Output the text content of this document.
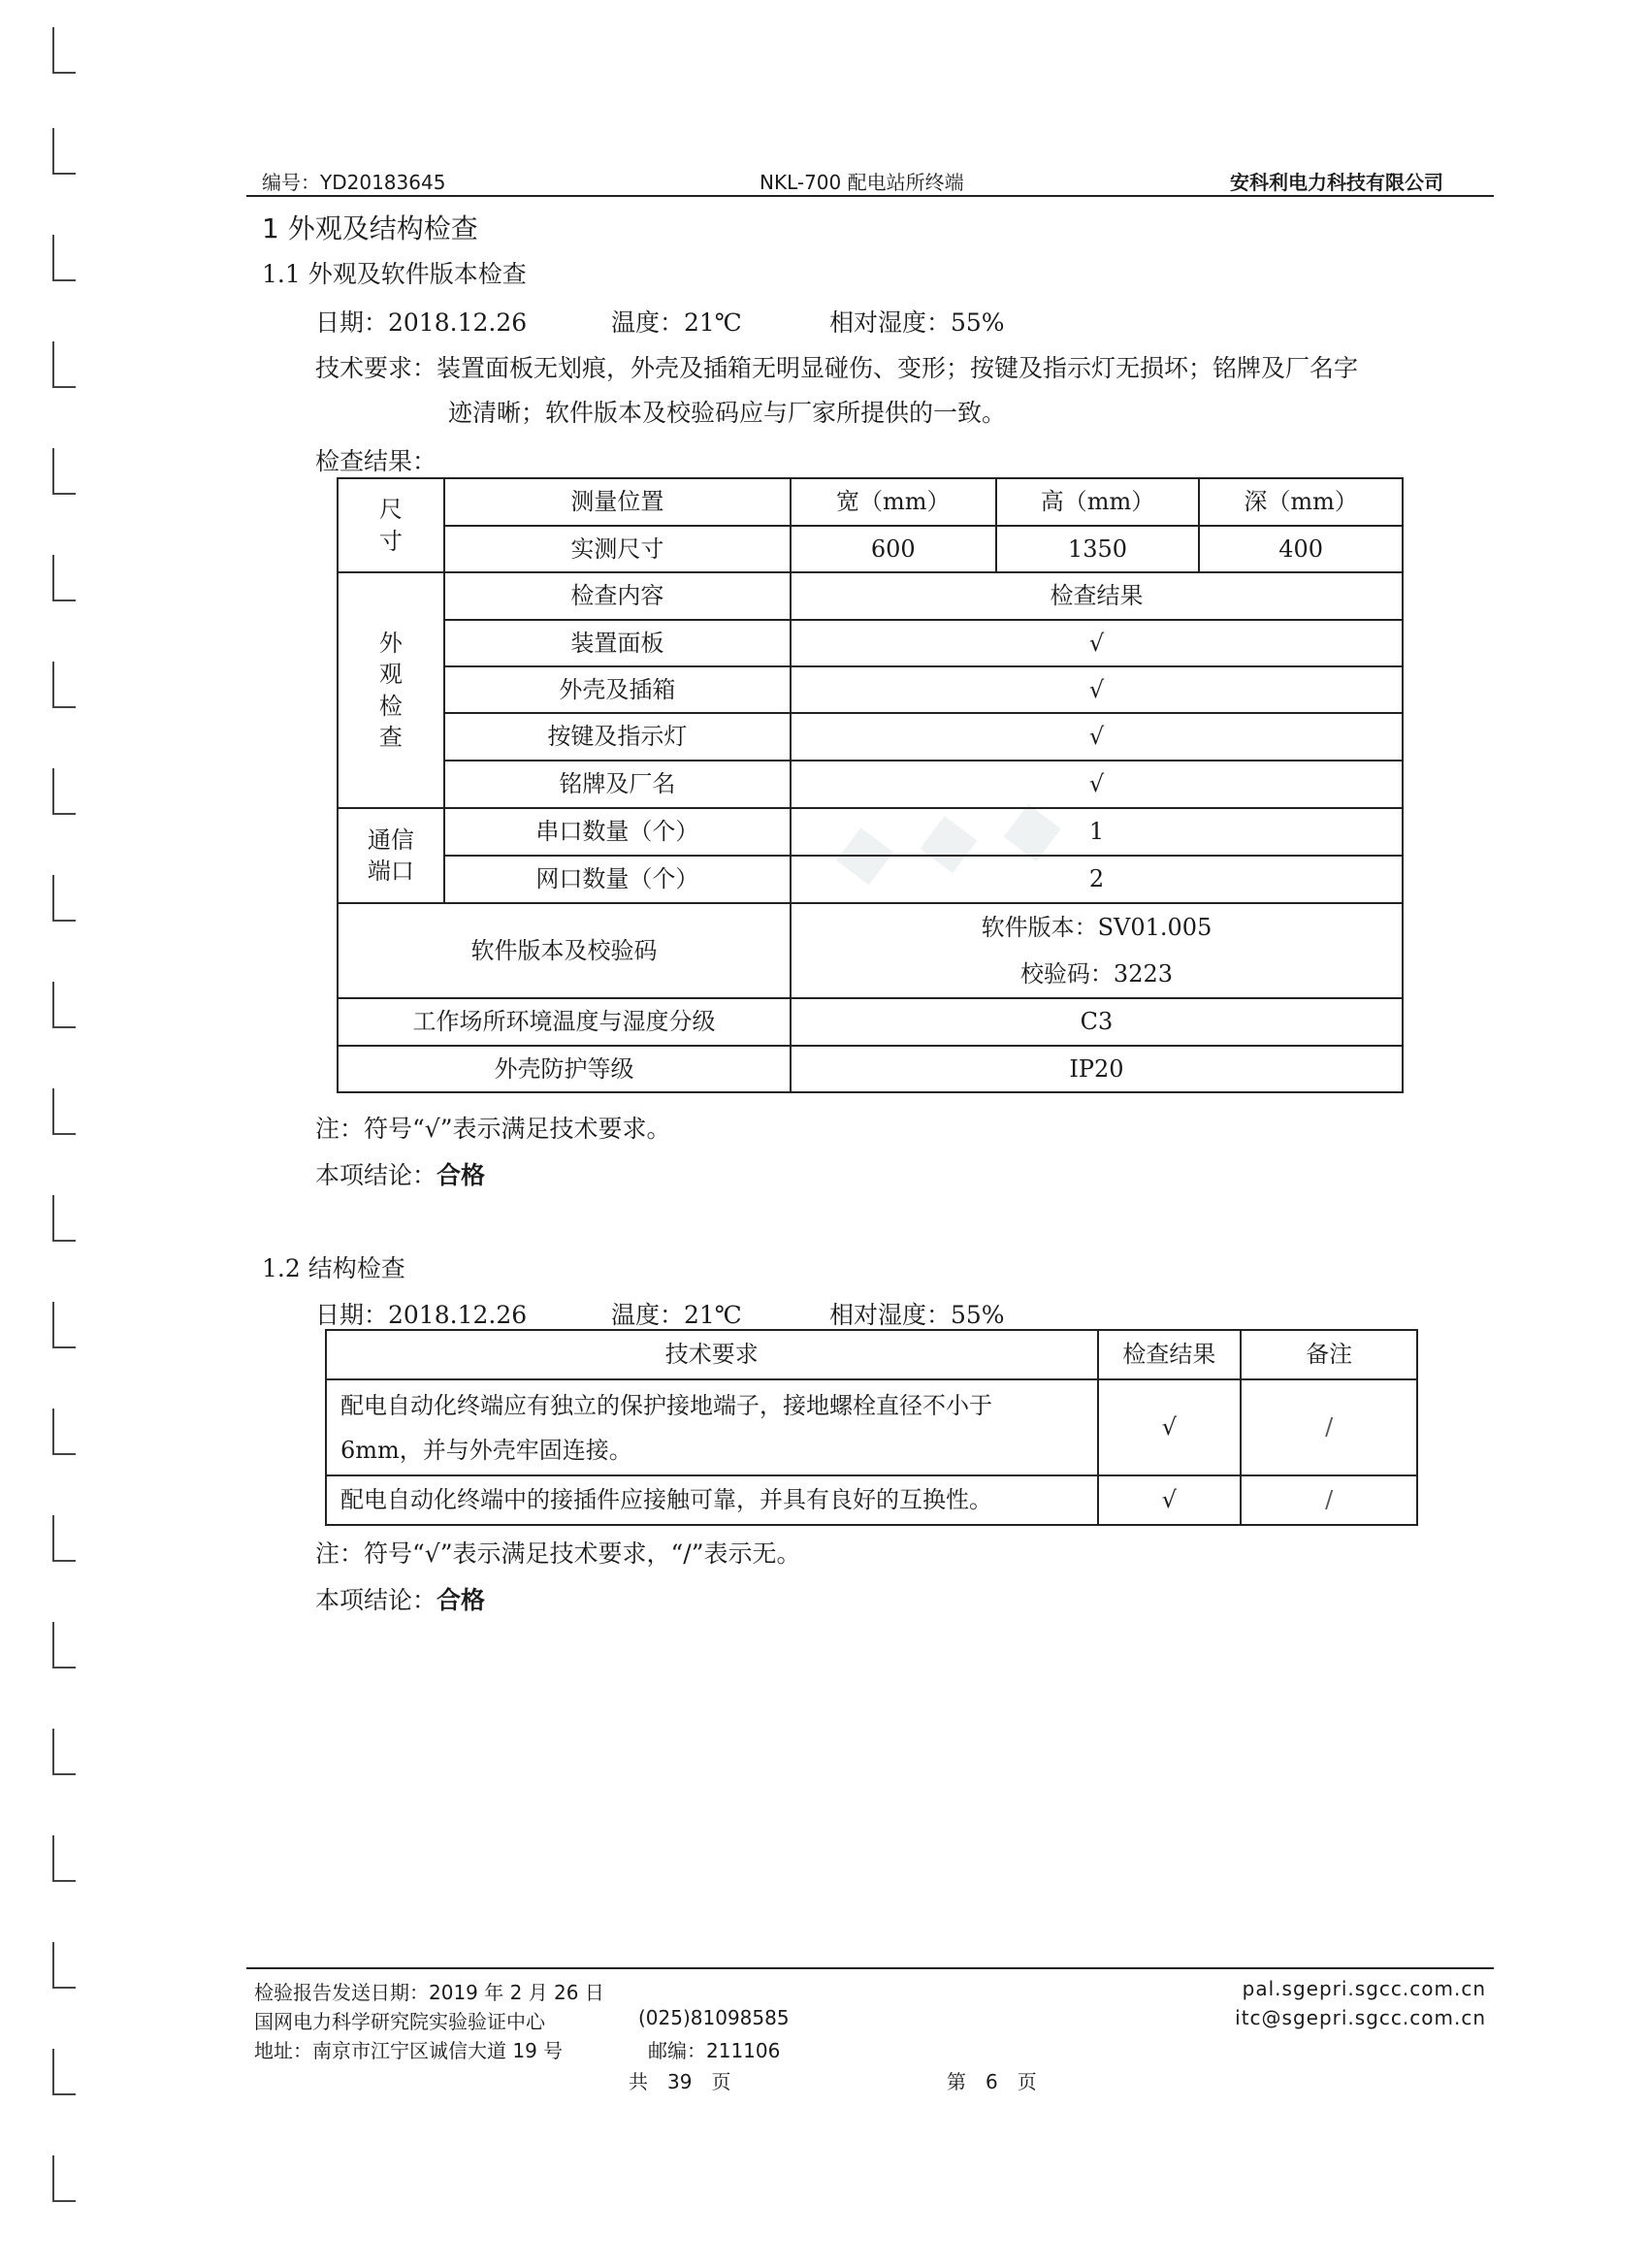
◆ ◆ ◆
编号：YD20183645	NKL-700 配电站所终端	安科利电力科技有限公司
1 外观及结构检查
1.1 外观及软件版本检查
日期：2018.12.26	温度：21℃	相对湿度：55%
技术要求：装置面板无划痕，外壳及插箱无明显碰伤、变形；按键及指示灯无损坏；铭牌及厂名字
迹清晰；软件版本及校验码应与厂家所提供的一致。
检查结果：
尺
寸	测量位置	宽（mm）	高（mm）	深（mm）
	实测尺寸	600	1350	400

外
观
检
查	检查内容	检查结果		
	装置面板	√		
	外壳及插箱	√		
	按键及指示灯	√		
	铭牌及厂名	√		

通信
端口	串口数量（个）	1		
	网口数量（个）	2		
软件版本及校验码		软件版本：SV01.005
校验码：3223		

工作场所环境温度与湿度分级		C3		
外壳防护等级		IP20		
注：符号“√”表示满足技术要求。
本项结论：合格
1.2 结构检查
日期：2018.12.26	温度：21℃	相对湿度：55%
技术要求	检查结果	备注

配电自动化终端应有独立的保护接地端子，接地螺栓直径不小于
6mm，并与外壳牢固连接。	√	/
配电自动化终端中的接插件应接触可靠，并具有良好的互换性。	√	/
注：符号“√”表示满足技术要求，“/”表示无。
本项结论：合格
检验报告发送日期：2019 年 2 月 26 日
国网电力科学研究院实验验证中心	(025)81098585
地址：南京市江宁区诚信大道 19 号	邮编：211106
pal.sgepri.sgcc.com.cn
itc@sgepri.sgcc.com.cn
共　39　页	第　6　页
